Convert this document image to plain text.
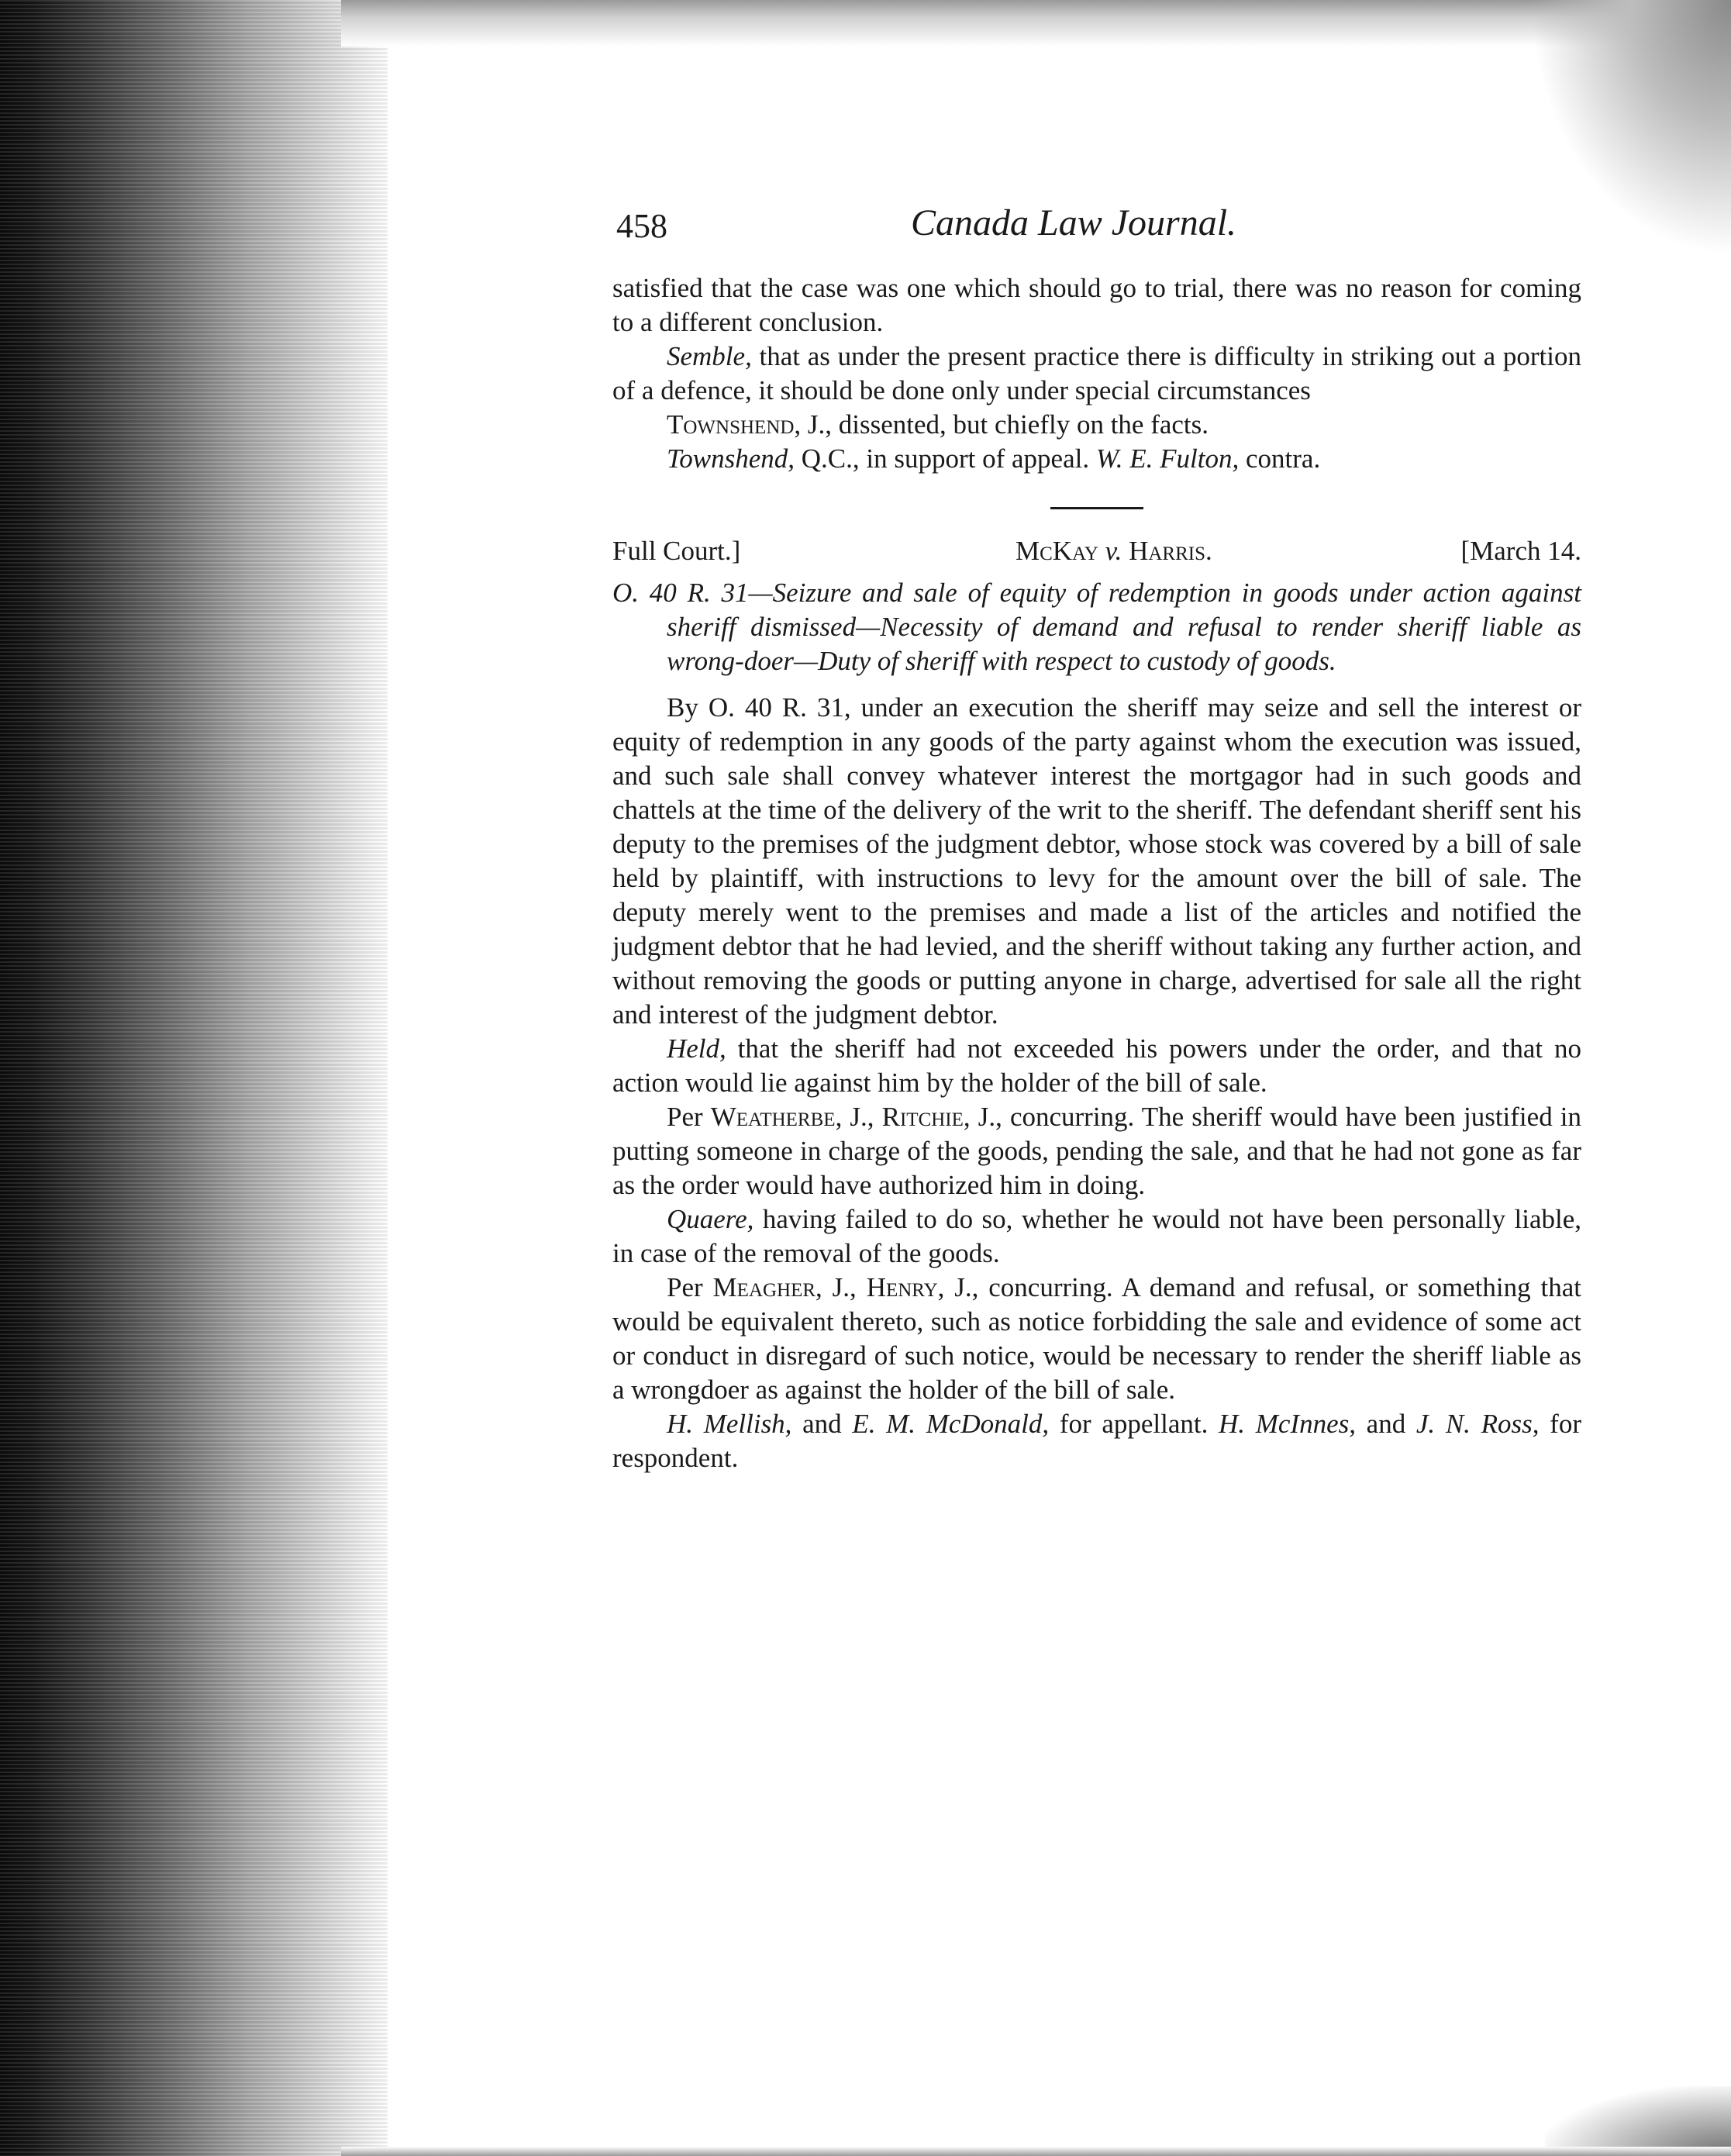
458	Canada Law Journal.

satisfied that the case was one which should go to trial, there was no reason for coming to a different conclusion.

Semble, that as under the present practice there is difficulty in striking out a portion of a defence, it should be done only under special circumstances

Townshend, J., dissented, but chiefly on the facts.

Townshend, Q.C., in support of appeal. W. E. Fulton, contra.

Full Court.]	McKay v. Harris.	[March 14.

O. 40 R. 31—Seizure and sale of equity of redemption in goods under action against sheriff dismissed—Necessity of demand and refusal to render sheriff liable as wrong-doer—Duty of sheriff with respect to custody of goods.

By O. 40 R. 31, under an execution the sheriff may seize and sell the interest or equity of redemption in any goods of the party against whom the execution was issued, and such sale shall convey whatever interest the mortgagor had in such goods and chattels at the time of the delivery of the writ to the sheriff. The defendant sheriff sent his deputy to the premises of the judgment debtor, whose stock was covered by a bill of sale held by plaintiff, with instructions to levy for the amount over the bill of sale. The deputy merely went to the premises and made a list of the articles and notified the judgment debtor that he had levied, and the sheriff without taking any further action, and without removing the goods or putting anyone in charge, advertised for sale all the right and interest of the judgment debtor.

Held, that the sheriff had not exceeded his powers under the order, and that no action would lie against him by the holder of the bill of sale.

Per Weatherbe, J., Ritchie, J., concurring. The sheriff would have been justified in putting someone in charge of the goods, pending the sale, and that he had not gone as far as the order would have authorized him in doing.

Quaere, having failed to do so, whether he would not have been personally liable, in case of the removal of the goods.

Per Meagher, J., Henry, J., concurring. A demand and refusal, or something that would be equivalent thereto, such as notice forbidding the sale and evidence of some act or conduct in disregard of such notice, would be necessary to render the sheriff liable as a wrongdoer as against the holder of the bill of sale.

H. Mellish, and E. M. McDonald, for appellant. H. McInnes, and J. N. Ross, for respondent.
